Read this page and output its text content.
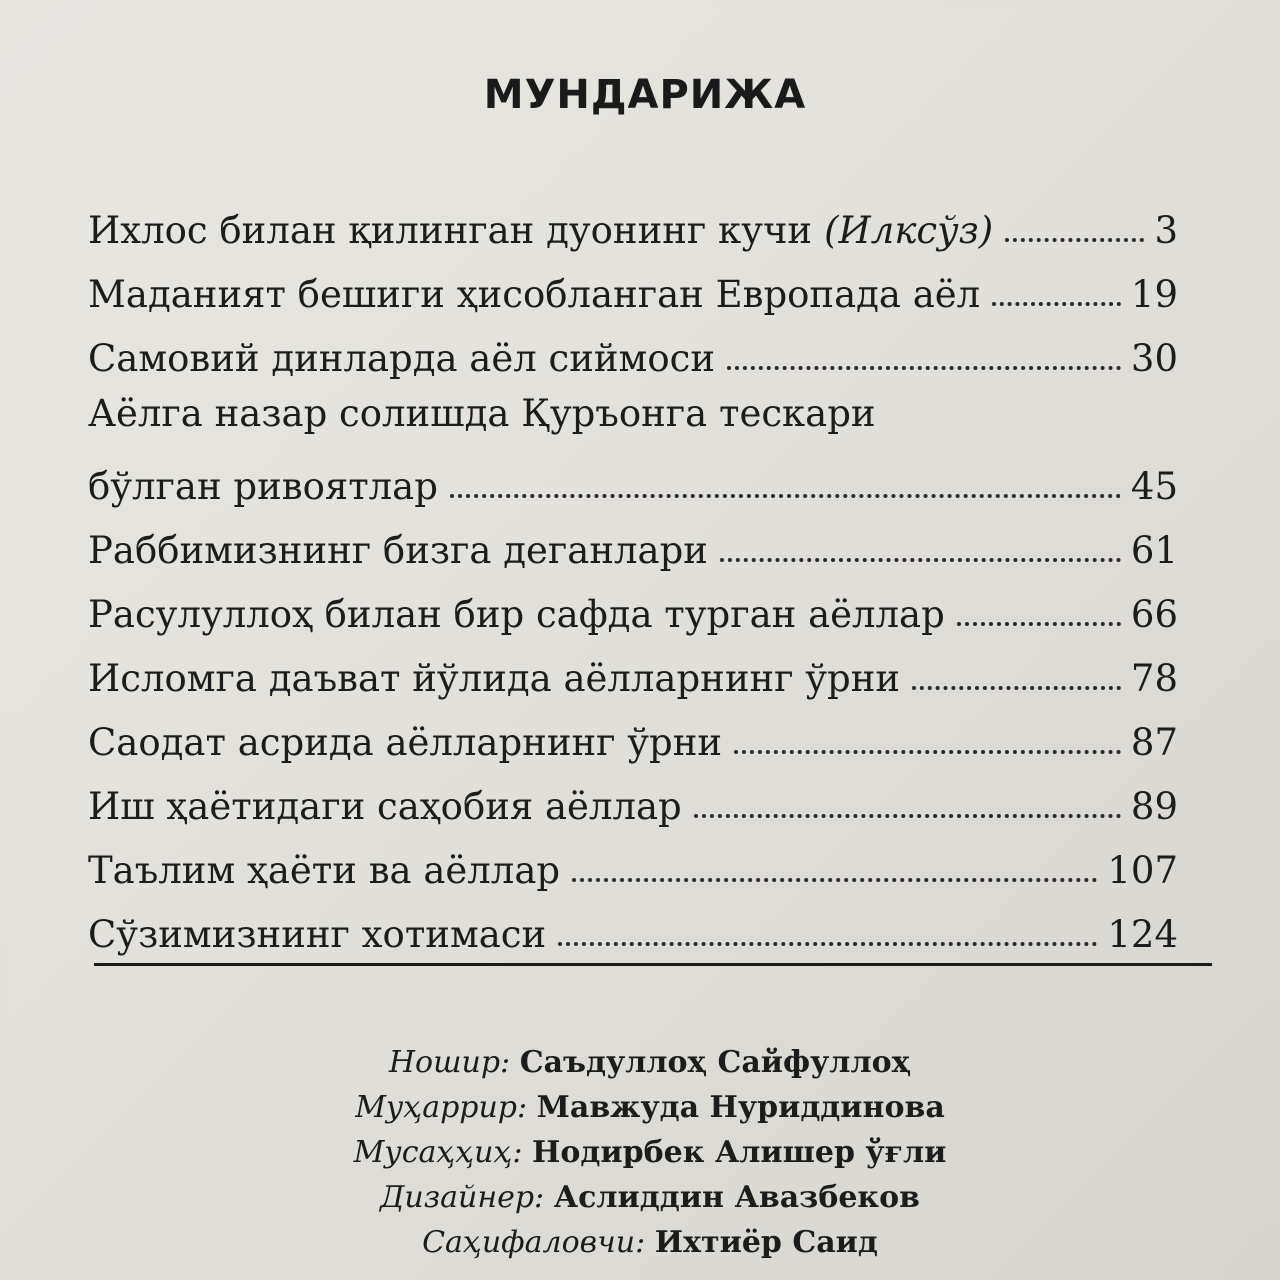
МУНДАРИЖА
Ихлос билан қилинган дуонинг кучи (Илксўз)	3
Маданият бешиги ҳисобланган Европада аёл	19
Самовий динларда аёл сиймоси	30
Аёлга назар солишда Қуръонга тескари
бўлган ривоятлар	45
Раббимизнинг бизга деганлари	61
Расулуллоҳ билан бир сафда турган аёллар	66
Исломга даъват йўлида аёлларнинг ўрни	78
Саодат асрида аёлларнинг ўрни	87
Иш ҳаётидаги саҳобия аёллар	89
Таълим ҳаёти ва аёллар	107
Сўзимизнинг хотимаси	124
Ношир: Саъдуллоҳ Сайфуллоҳ
Муҳаррир: Мавжуда Нуриддинова
Мусаҳҳиҳ: Нодирбек Алишер ўғли
Дизайнер: Аслиддин Авазбеков
Саҳифаловчи: Ихтиёр Саид
